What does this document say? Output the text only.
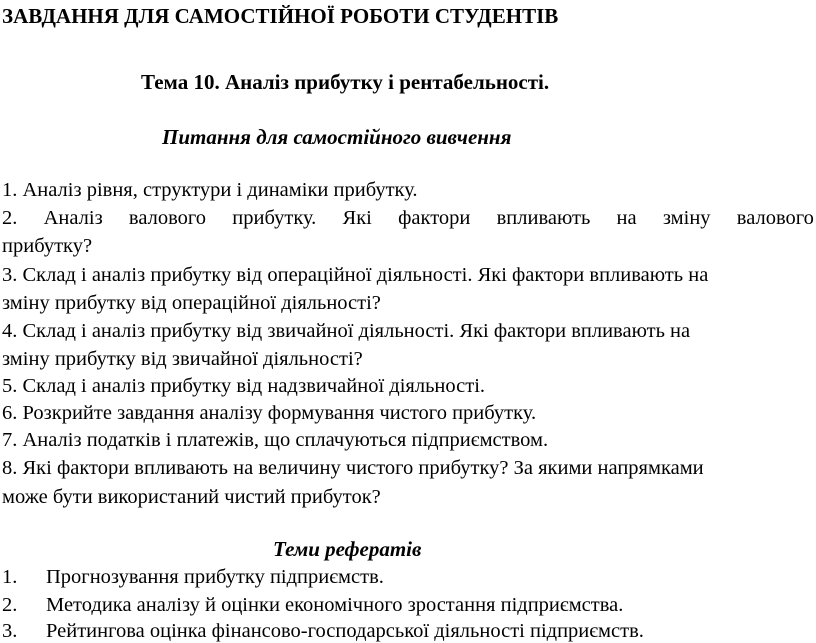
ЗАВДАННЯ ДЛЯ САМОСТІЙНОЇ РОБОТИ СТУДЕНТІВ
Тема 10. Аналіз прибутку і рентабельності.
Питання для самостійного вивчення
1. Аналіз рівня, структури і динаміки прибутку.
2. Аналіз валового прибутку. Які фактори впливають на зміну валового
прибутку?
3. Склад і аналіз прибутку від операційної діяльності. Які фактори впливають на
зміну прибутку від операційної діяльності?
4. Склад і аналіз прибутку від звичайної діяльності. Які фактори впливають на
зміну прибутку від звичайної діяльності?
5. Склад і аналіз прибутку від надзвичайної діяльності.
6. Розкрийте завдання аналізу формування чистого прибутку.
7. Аналіз податків і платежів, що сплачуються підприємством.
8. Які фактори впливають на величину чистого прибутку? За якими напрямками
може бути використаний чистий прибуток?
Теми рефератів
1. Прогнозування прибутку підприємств.
2. Методика аналізу й оцінки економічного зростання підприємства.
3. Рейтингова оцінка фінансово-господарської діяльності підприємств.
